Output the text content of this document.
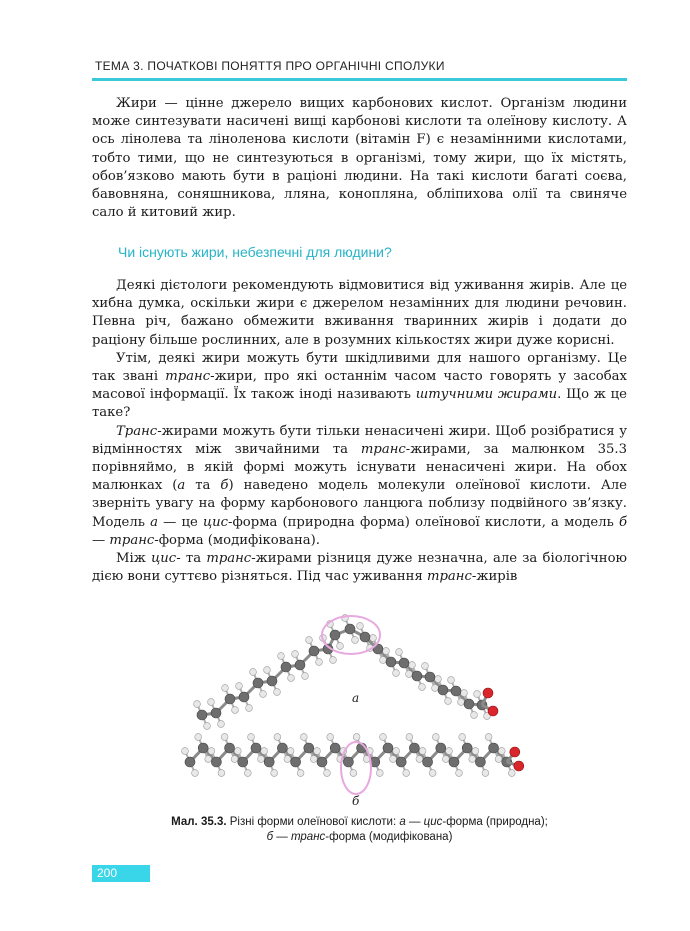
ТЕМА 3. ПОЧАТКОВІ ПОНЯТТЯ ПРО ОРГАНІЧНІ СПОЛУКИ

Жири — цінне джерело вищих карбонових кислот. Організм людини може синтезувати насичені вищі карбонові кислоти та олеїнову кислоту. А ось лінолева та ліноленова кислоти (вітамін F) є незамінними кислотами, тобто тими, що не синтезуються в організмі, тому жири, що їх містять, обов’язково мають бути в раціоні людини. На такі кислоти багаті соєва, бавовняна, соняшникова, лляна, конопляна, обліпихова олії та свиняче сало й китовий жир.

Чи існують жири, небезпечні для людини?

Деякі дієтологи рекомендують відмовитися від уживання жирів. Але це хибна думка, оскільки жири є джерелом незамінних для людини речовин. Певна річ, бажано обмежити вживання тваринних жирів і додати до раціону більше рослинних, але в розумних кількостях жири дуже корисні.

Утім, деякі жири можуть бути шкідливими для нашого організму. Це так звані транс-жири, про які останнім часом часто говорять у засобах масової інформації. Їх також іноді називають штучними жирами. Що ж це таке?

Транс-жирами можуть бути тільки ненасичені жири. Щоб розібратися у відмінностях між звичайними та транс-жирами, за малюнком 35.3 порівняймо, в якій формі можуть існувати ненасичені жири. На обох малюнках (а та б) наведено модель молекули олеїнової кислоти. Але зверніть увагу на форму карбонового ланцюга поблизу подвійного зв’язку. Модель а — це цис-форма (природна форма) олеїнової кислоти, а модель б — транс-форма (модифікована).

Між цис- та транс-жирами різниця дуже незначна, але за біологічною дією вони суттєво різняться. Під час уживання транс-жирів

а
б
Мал. 35.3. Різні форми олеїнової кислоти: а — цис-форма (природна);
б — транс-форма (модифікована)
200
